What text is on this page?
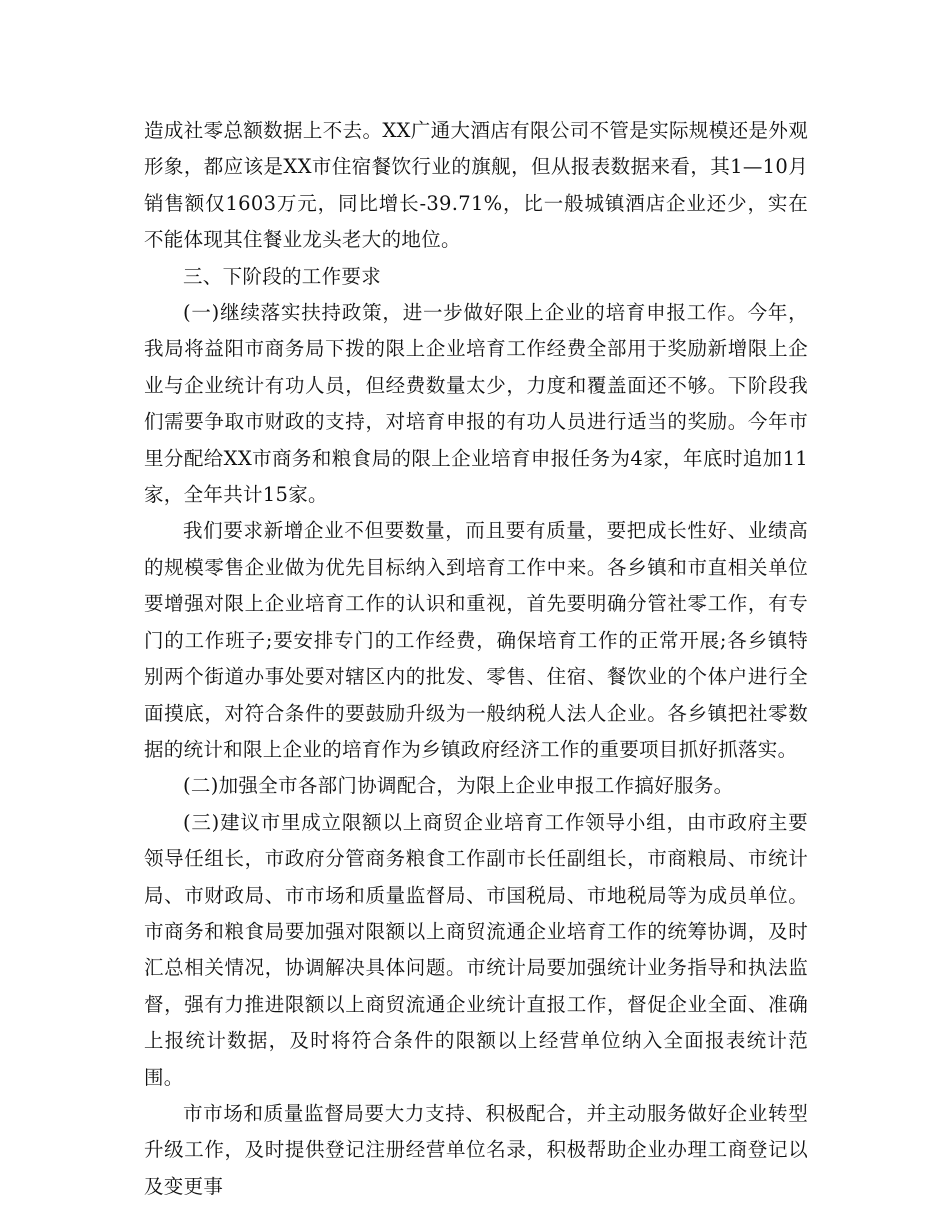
造成社零总额数据上不去。XX广通大酒店有限公司不管是实际规模还是外观形象，都应该是XX市住宿餐饮行业的旗舰，但从报表数据来看，其1—10月销售额仅1603万元，同比增长-39.71%，比一般城镇酒店企业还少，实在不能体现其住餐业龙头老大的地位。

三、下阶段的工作要求

(一)继续落实扶持政策，进一步做好限上企业的培育申报工作。今年，我局将益阳市商务局下拨的限上企业培育工作经费全部用于奖励新增限上企业与企业统计有功人员，但经费数量太少，力度和覆盖面还不够。下阶段我们需要争取市财政的支持，对培育申报的有功人员进行适当的奖励。今年市里分配给XX市商务和粮食局的限上企业培育申报任务为4家，年底时追加11家，全年共计15家。

我们要求新增企业不但要数量，而且要有质量，要把成长性好、业绩高的规模零售企业做为优先目标纳入到培育工作中来。各乡镇和市直相关单位要增强对限上企业培育工作的认识和重视，首先要明确分管社零工作，有专门的工作班子;要安排专门的工作经费，确保培育工作的正常开展;各乡镇特别两个街道办事处要对辖区内的批发、零售、住宿、餐饮业的个体户进行全面摸底，对符合条件的要鼓励升级为一般纳税人法人企业。各乡镇把社零数据的统计和限上企业的培育作为乡镇政府经济工作的重要项目抓好抓落实。

(二)加强全市各部门协调配合，为限上企业申报工作搞好服务。

(三)建议市里成立限额以上商贸企业培育工作领导小组，由市政府主要领导任组长，市政府分管商务粮食工作副市长任副组长，市商粮局、市统计局、市财政局、市市场和质量监督局、市国税局、市地税局等为成员单位。市商务和粮食局要加强对限额以上商贸流通企业培育工作的统筹协调，及时汇总相关情况，协调解决具体问题。市统计局要加强统计业务指导和执法监督，强有力推进限额以上商贸流通企业统计直报工作，督促企业全面、准确上报统计数据，及时将符合条件的限额以上经营单位纳入全面报表统计范围。

市市场和质量监督局要大力支持、积极配合，并主动服务做好企业转型升级工作，及时提供登记注册经营单位名录，积极帮助企业办理工商登记以及变更事
